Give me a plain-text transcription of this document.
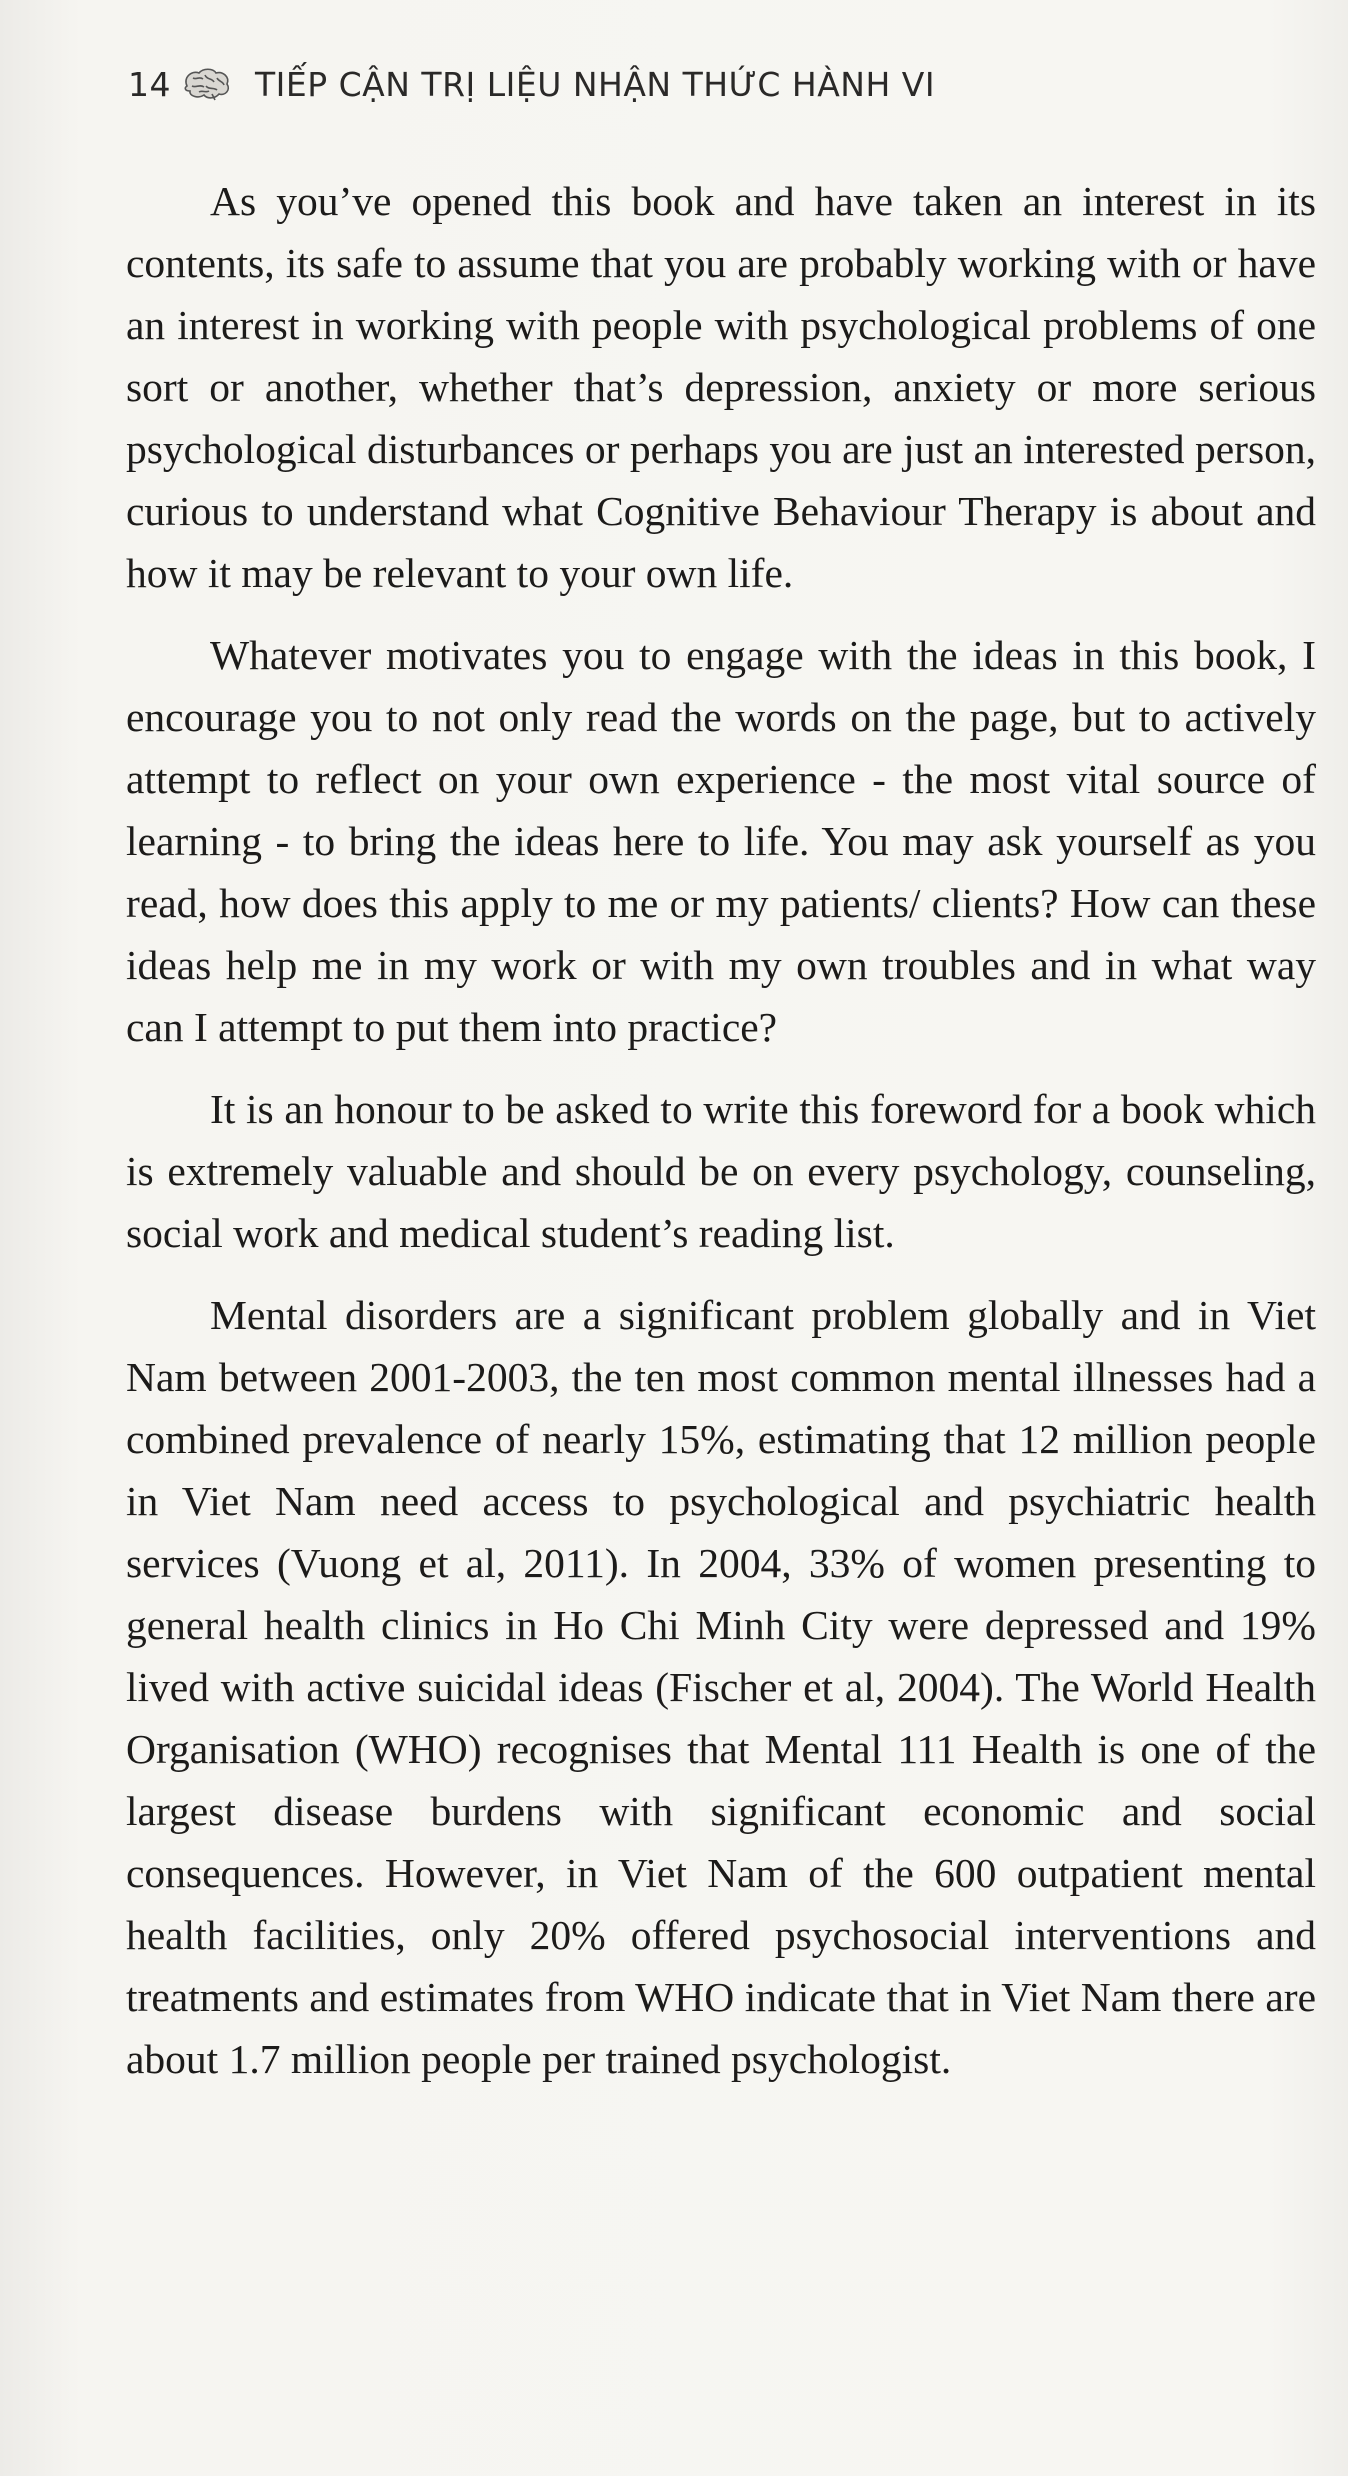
14	TIẾP CẬN TRỊ LIỆU NHẬN THỨC HÀNH VI

As you’ve opened this book and have taken an interest in its contents, its safe to assume that you are probably working with or have an interest in working with people with psychological problems of one sort or another, whether that’s depression, anxiety or more serious psychological disturbances or perhaps you are just an interested person, curious to understand what Cognitive Behaviour Therapy is about and how it may be relevant to your own life.

Whatever motivates you to engage with the ideas in this book, I encourage you to not only read the words on the page, but to actively attempt to reflect on your own experience - the most vital source of learning - to bring the ideas here to life. You may ask yourself as you read, how does this apply to me or my patients/ clients? How can these ideas help me in my work or with my own troubles and in what way can I attempt to put them into practice?

It is an honour to be asked to write this foreword for a book which is extremely valuable and should be on every psychology, counseling, social work and medical student’s reading list.

Mental disorders are a significant problem globally and in Viet Nam between 2001-2003, the ten most common mental illnesses had a combined prevalence of nearly 15%, estimating that 12 million people in Viet Nam need access to psychological and psychiatric health services (Vuong et al, 2011). In 2004, 33% of women presenting to general health clinics in Ho Chi Minh City were depressed and 19% lived with active suicidal ideas (Fischer et al, 2004). The World Health Organisation (WHO) recognises that Mental 111 Health is one of the largest disease burdens with significant economic and social consequences. However, in Viet Nam of the 600 outpatient mental health facilities, only 20% offered psychosocial interventions and treatments and estimates from WHO indicate that in Viet Nam there are about 1.7 million people per trained psychologist.
